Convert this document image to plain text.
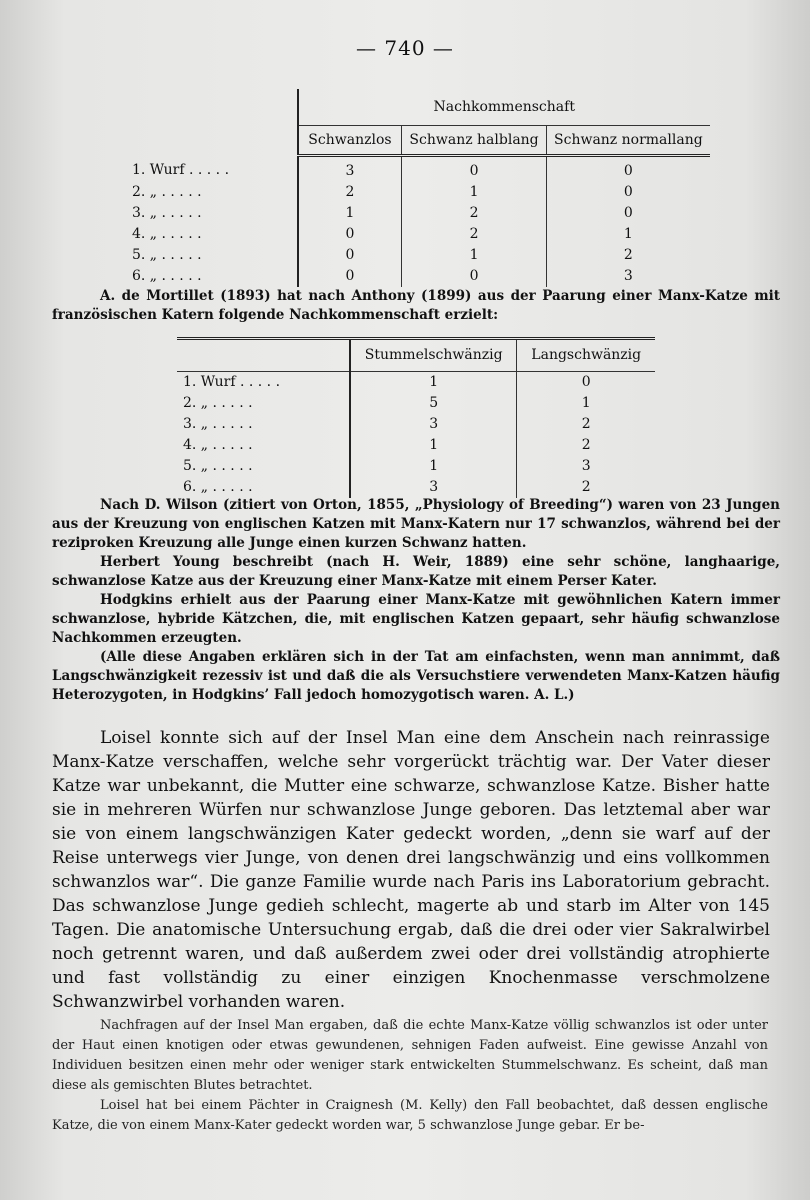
— 740 —
	Nachkommenschaft		
	Schwanzlos	Schwanz halblang	Schwanz normallang
1. Wurf . . . . .	3	0	0
2. „ . . . . .	2	1	0
3. „ . . . . .	1	2	0
4. „ . . . . .	0	2	1
5. „ . . . . .	0	1	2
6. „ . . . . .	0	0	3

A. de Mortillet (1893) hat nach Anthony (1899) aus der Paarung einer Manx-Katze mit französischen Katern folgende Nachkommenschaft erzielt:

	Stummelschwänzig	Langschwänzig
1. Wurf . . . . .	1	0
2. „ . . . . .	5	1
3. „ . . . . .	3	2
4. „ . . . . .	1	2
5. „ . . . . .	1	3
6. „ . . . . .	3	2

Nach D. Wilson (zitiert von Orton, 1855, „Physiology of Breeding“) waren von 23 Jungen aus der Kreuzung von englischen Katzen mit Manx-Katern nur 17 schwanzlos, während bei der reziproken Kreuzung alle Junge einen kurzen Schwanz hatten.

Herbert Young beschreibt (nach H. Weir, 1889) eine sehr schöne, langhaarige, schwanzlose Katze aus der Kreuzung einer Manx-Katze mit einem Perser Kater.

Hodgkins erhielt aus der Paarung einer Manx-Katze mit gewöhnlichen Katern immer schwanzlose, hybride Kätzchen, die, mit englischen Katzen gepaart, sehr häufig schwanzlose Nachkommen erzeugten.

(Alle diese Angaben erklären sich in der Tat am einfachsten, wenn man annimmt, daß Langschwänzigkeit rezessiv ist und daß die als Versuchstiere verwendeten Manx-Katzen häufig Heterozygoten, in Hodgkins’ Fall jedoch homozygotisch waren. A. L.)

Loisel konnte sich auf der Insel Man eine dem Anschein nach reinrassige Manx-Katze verschaffen, welche sehr vorgerückt trächtig war. Der Vater dieser Katze war unbekannt, die Mutter eine schwarze, schwanzlose Katze. Bisher hatte sie in mehreren Würfen nur schwanzlose Junge geboren. Das letztemal aber war sie von einem langschwänzigen Kater gedeckt worden, „denn sie warf auf der Reise unterwegs vier Junge, von denen drei langschwänzig und eins vollkommen schwanzlos war“. Die ganze Familie wurde nach Paris ins Laboratorium gebracht. Das schwanzlose Junge gedieh schlecht, magerte ab und starb im Alter von 145 Tagen. Die anatomische Untersuchung ergab, daß die drei oder vier Sakralwirbel noch getrennt waren, und daß außerdem zwei oder drei vollständig atrophierte und fast vollständig zu einer einzigen Knochenmasse verschmolzene Schwanzwirbel vorhanden waren.

Nachfragen auf der Insel Man ergaben, daß die echte Manx-Katze völlig schwanzlos ist oder unter der Haut einen knotigen oder etwas gewundenen, sehnigen Faden aufweist. Eine gewisse Anzahl von Individuen besitzen einen mehr oder weniger stark entwickelten Stummelschwanz. Es scheint, daß man diese als gemischten Blutes betrachtet.

Loisel hat bei einem Pächter in Craignesh (M. Kelly) den Fall beobachtet, daß dessen englische Katze, die von einem Manx-Kater gedeckt worden war, 5 schwanzlose Junge gebar. Er be-
